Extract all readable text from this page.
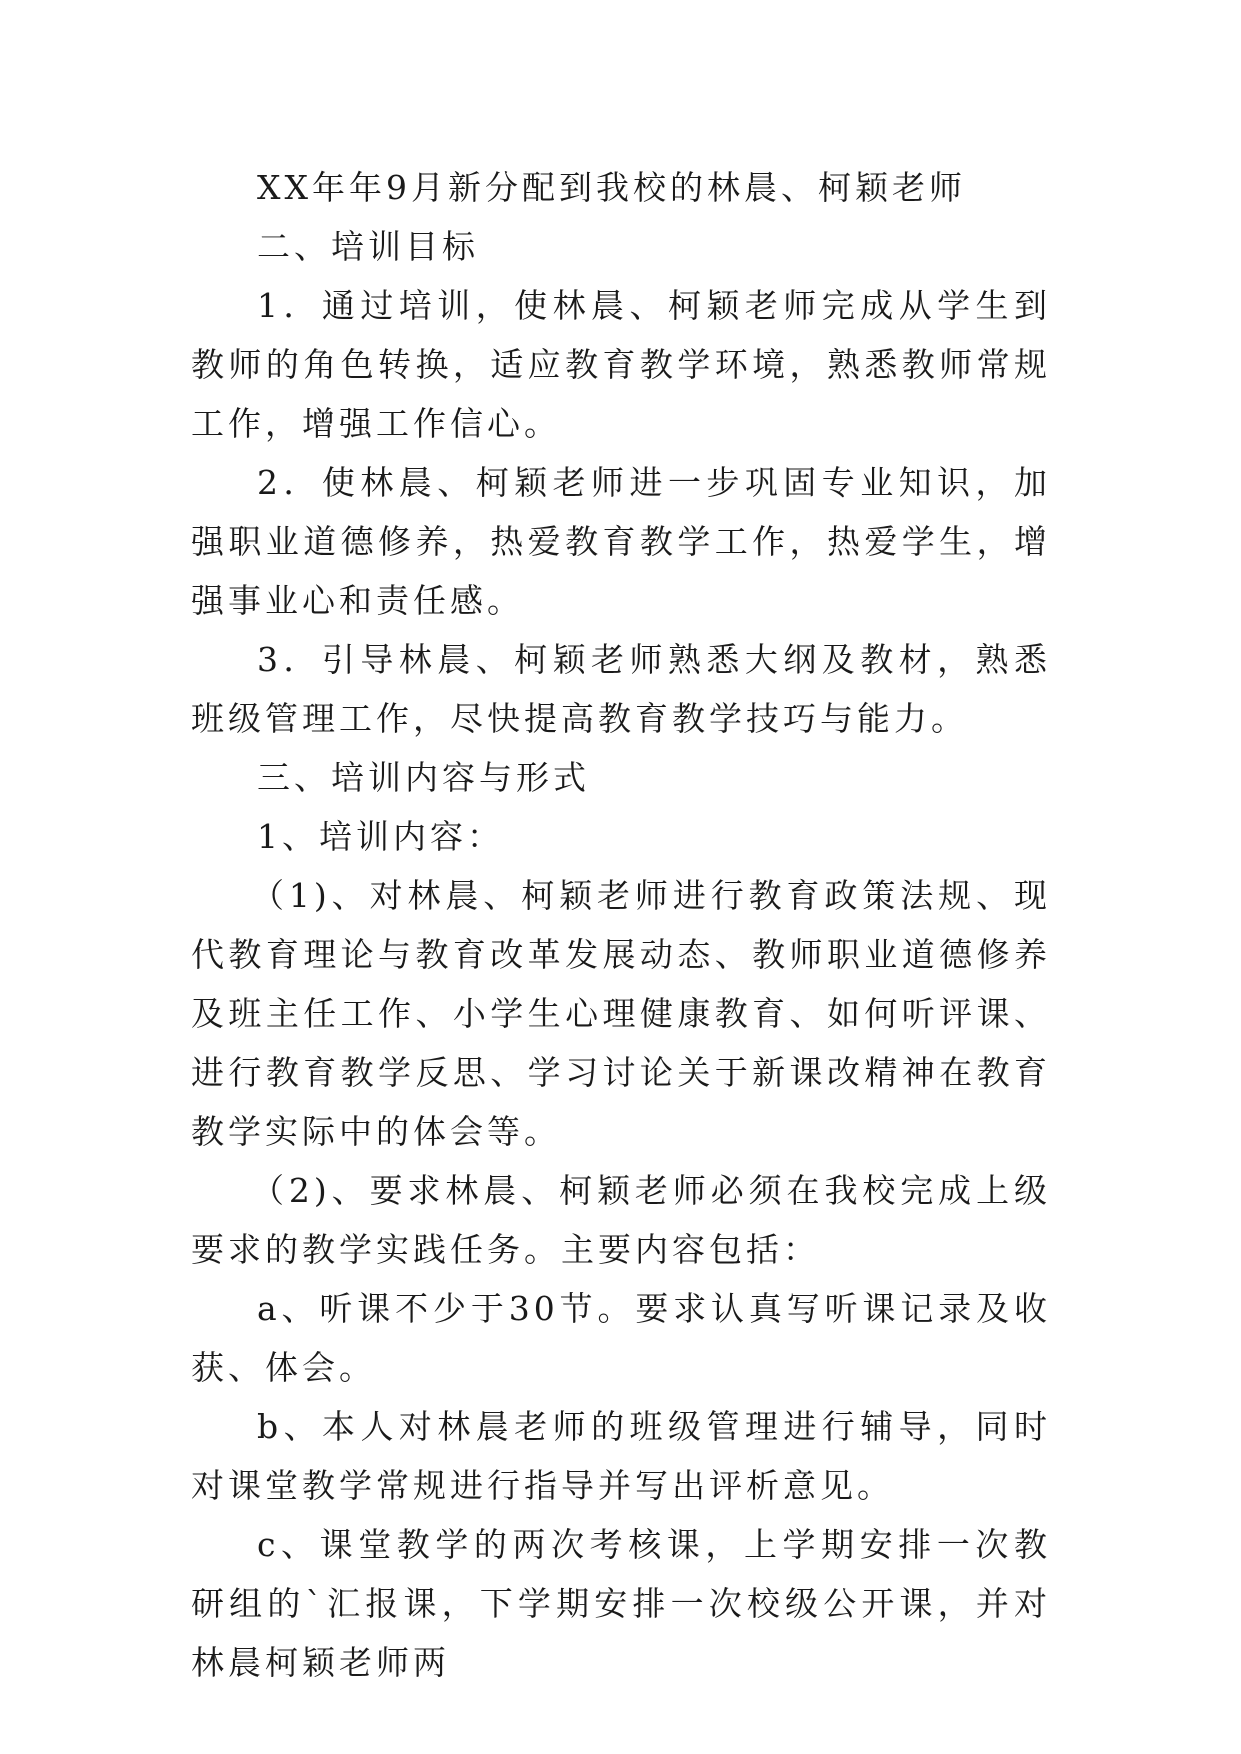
XX年年9月新分配到我校的林晨、柯颖老师

二、培训目标

1．通过培训，使林晨、柯颖老师完成从学生到教师的角色转换，适应教育教学环境，熟悉教师常规工作，增强工作信心。

2．使林晨、柯颖老师进一步巩固专业知识，加强职业道德修养，热爱教育教学工作，热爱学生，增强事业心和责任感。

3．引导林晨、柯颖老师熟悉大纲及教材，熟悉班级管理工作，尽快提高教育教学技巧与能力。

三、培训内容与形式

1、培训内容：

（1)、对林晨、柯颖老师进行教育政策法规、现代教育理论与教育改革发展动态、教师职业道德修养及班主任工作、小学生心理健康教育、如何听评课、进行教育教学反思、学习讨论关于新课改精神在教育教学实际中的体会等。

（2)、要求林晨、柯颖老师必须在我校完成上级要求的教学实践任务。主要内容包括：

a、听课不少于30节。要求认真写听课记录及收获、体会。

b、本人对林晨老师的班级管理进行辅导，同时对课堂教学常规进行指导并写出评析意见。

c、课堂教学的两次考核课，上学期安排一次教研组的`汇报课，下学期安排一次校级公开课，并对林晨柯颖老师两
